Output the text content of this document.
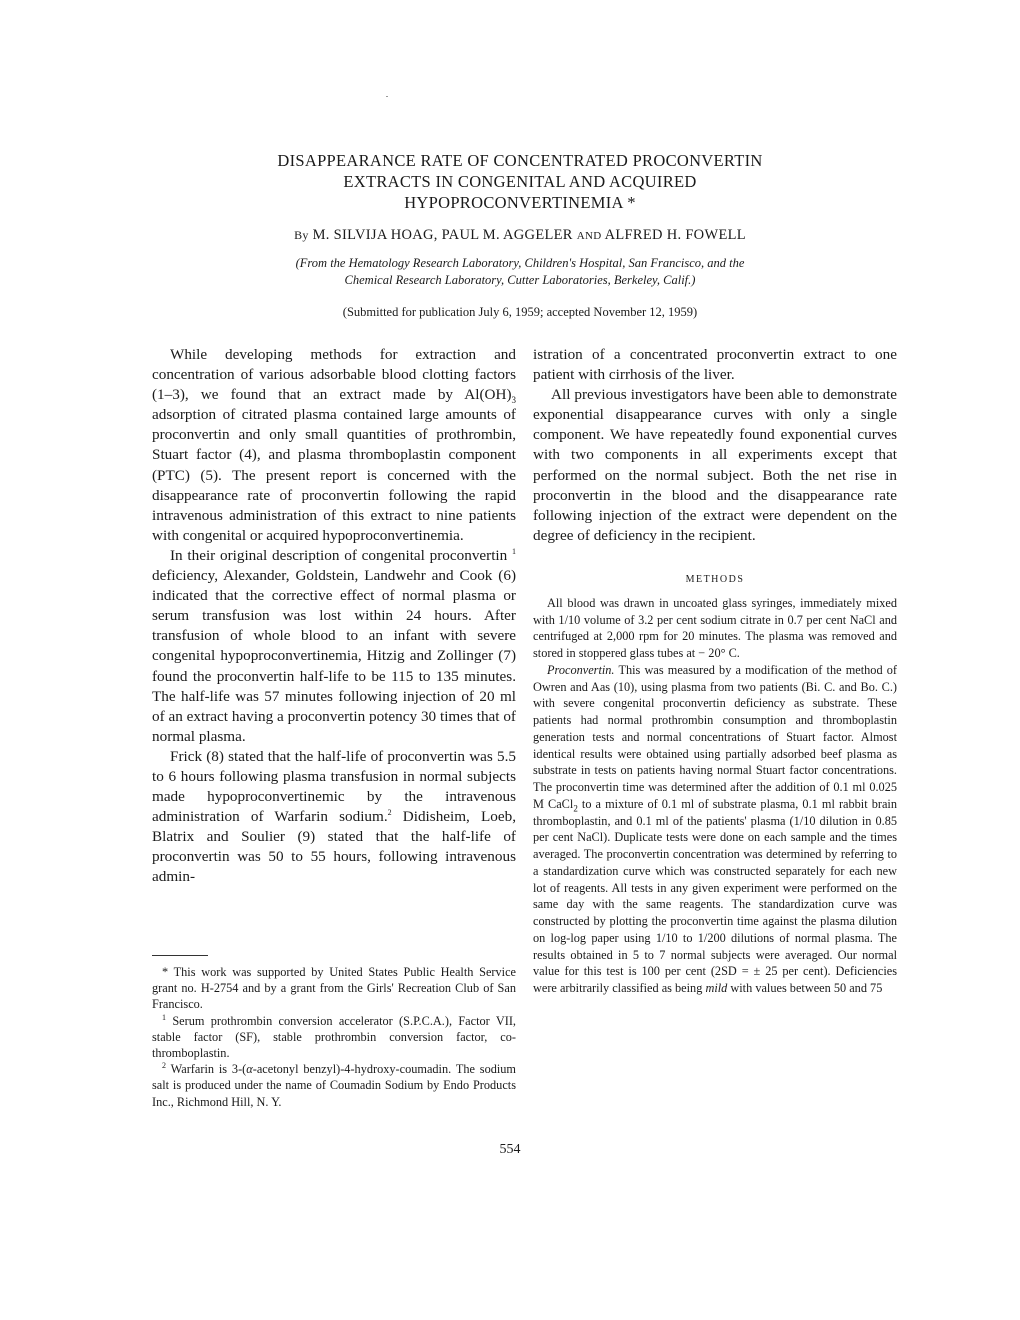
DISAPPEARANCE RATE OF CONCENTRATED PROCONVERTIN
EXTRACTS IN CONGENITAL AND ACQUIRED
HYPOPROCONVERTINEMIA *
By M. SILVIJA HOAG, PAUL M. AGGELER AND ALFRED H. FOWELL
(From the Hematology Research Laboratory, Children's Hospital, San Francisco, and the
Chemical Research Laboratory, Cutter Laboratories, Berkeley, Calif.)
(Submitted for publication July 6, 1959; accepted November 12, 1959)

While developing methods for extraction and concentration of various adsorbable blood clotting factors (1–3), we found that an extract made by $Al(OH)_3$ adsorption of citrated plasma contained large amounts of proconvertin and only small quantities of prothrombin, Stuart factor (4), and plasma thromboplastin component (PTC) (5). The present report is concerned with the disappearance rate of proconvertin following the rapid intravenous administration of this extract to nine patients with congenital or acquired hypoproconvertinemia.

In their original description of congenital proconvertin $^1$ deficiency, Alexander, Goldstein, Landwehr and Cook (6) indicated that the corrective effect of normal plasma or serum transfusion was lost within 24 hours. After transfusion of whole blood to an infant with severe congenital hypoproconvertinemia, Hitzig and Zollinger (7) found the proconvertin half-life to be 115 to 135 minutes. The half-life was 57 minutes following injection of 20 ml of an extract having a proconvertin potency 30 times that of normal plasma.

Frick (8) stated that the half-life of proconvertin was 5.5 to 6 hours following plasma transfusion in normal subjects made hypoproconvertinemic by the intravenous administration of Warfarin sodium.$^2$ Didisheim, Loeb, Blatrix and Soulier (9) stated that the half-life of proconvertin was 50 to 55 hours, following intravenous admin-

* This work was supported by United States Public Health Service grant no. H-2754 and by a grant from the Girls' Recreation Club of San Francisco.

$^1$ Serum prothrombin conversion accelerator (S.P.C.A.), Factor VII, stable factor (SF), stable prothrombin conversion factor, co-thromboplastin.

$^2$ Warfarin is 3-(α-acetonyl benzyl)-4-hydroxy-coumadin. The sodium salt is produced under the name of Coumadin Sodium by Endo Products Inc., Richmond Hill, N. Y.

istration of a concentrated proconvertin extract to one patient with cirrhosis of the liver.

All previous investigators have been able to demonstrate exponential disappearance curves with only a single component. We have repeatedly found exponential curves with two components in all experiments except that performed on the normal subject. Both the net rise in proconvertin in the blood and the disappearance rate following injection of the extract were dependent on the degree of deficiency in the recipient.

METHODS

All blood was drawn in uncoated glass syringes, immediately mixed with 1/10 volume of 3.2 per cent sodium citrate in 0.7 per cent NaCl and centrifuged at 2,000 rpm for 20 minutes. The plasma was removed and stored in stoppered glass tubes at − 20° C.

Proconvertin. This was measured by a modification of the method of Owren and Aas (10), using plasma from two patients (Bi. C. and Bo. C.) with severe congenital proconvertin deficiency as substrate. These patients had normal prothrombin consumption and thromboplastin generation tests and normal concentrations of Stuart factor. Almost identical results were obtained using partially adsorbed beef plasma as substrate in tests on patients having normal Stuart factor concentrations. The proconvertin time was determined after the addition of 0.1 ml 0.025 M CaCl$_2$ to a mixture of 0.1 ml of substrate plasma, 0.1 ml rabbit brain thromboplastin, and 0.1 ml of the patients' plasma (1/10 dilution in 0.85 per cent NaCl). Duplicate tests were done on each sample and the times averaged. The proconvertin concentration was determined by referring to a standardization curve which was constructed separately for each new lot of reagents. All tests in any given experiment were performed on the same day with the same reagents. The standardization curve was constructed by plotting the proconvertin time against the plasma dilution on log-log paper using 1/10 to 1/200 dilutions of normal plasma. The results obtained in 5 to 7 normal subjects were averaged. Our normal value for this test is 100 per cent (2SD = ± 25 per cent). Deficiencies were arbitrarily classified as being mild with values between 50 and 75

554
